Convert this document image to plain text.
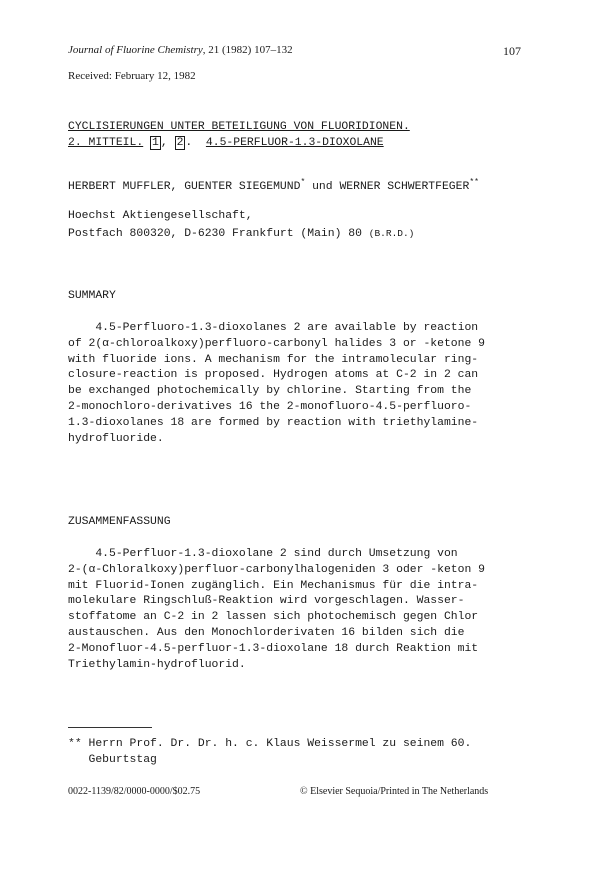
Journal of Fluorine Chemistry, 21 (1982) 107–132	107

Received: February 12, 1982

CYCLISIERUNGEN UNTER BETEILIGUNG VON FLUORIDIONEN.

2. MITTEIL. 1 , 2 .  4.5-PERFLUOR-1.3-DIOXOLANE

HERBERT MUFFLER, GUENTER SIEGEMUND* und WERNER SCHWERTFEGER**

Hoechst Aktiengesellschaft,

Postfach 800320, D-6230 Frankfurt (Main) 80 (B.R.D.)

SUMMARY

4.5-Perfluoro-1.3-dioxolanes 2 are available by reaction
of 2(α-chloroalkoxy)perfluoro-carbonyl halides 3 or -ketone 9
with fluoride ions. A mechanism for the intramolecular ring-
closure-reaction is proposed. Hydrogen atoms at C-2 in 2 can
be exchanged photochemically by chlorine. Starting from the
2-monochloro-derivatives 16 the 2-monofluoro-4.5-perfluoro-
1.3-dioxolanes 18 are formed by reaction with triethylamine-
hydrofluoride.

ZUSAMMENFASSUNG

4.5-Perfluor-1.3-dioxolane 2 sind durch Umsetzung von
2-(α-Chloralkoxy)perfluor-carbonylhalogeniden 3 oder -keton 9
mit Fluorid-Ionen zugänglich. Ein Mechanismus für die intra-
molekulare Ringschluß-Reaktion wird vorgeschlagen. Wasser-
stoffatome an C-2 in 2 lassen sich photochemisch gegen Chlor
austauschen. Aus den Monochlorderivaten 16 bilden sich die
2-Monofluor-4.5-perfluor-1.3-dioxolane 18 durch Reaktion mit
Triethylamin-hydrofluorid.

** Herrn Prof. Dr. Dr. h. c. Klaus Weissermel zu seinem 60.
Geburtstag

0022-1139/82/0000-0000/$02.75	© Elsevier Sequoia/Printed in The Netherlands
